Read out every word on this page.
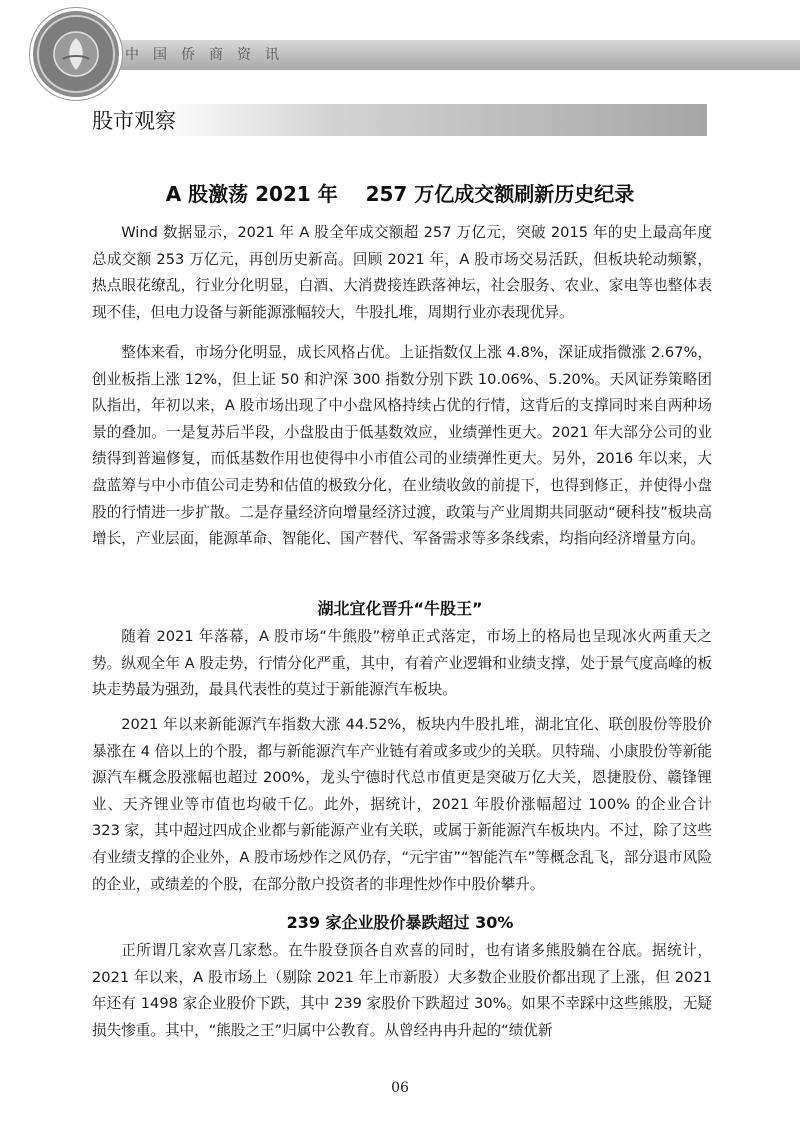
中国侨商资讯
股市观察
A 股激荡 2021 年    257 万亿成交额刷新历史纪录

Wind 数据显示，2021 年 A 股全年成交额超 257 万亿元，突破 2015 年的史上最高年度总成交额 253 万亿元，再创历史新高。回顾 2021 年，A 股市场交易活跃，但板块轮动频繁，热点眼花缭乱，行业分化明显，白酒、大消费接连跌落神坛，社会服务、农业、家电等也整体表现不佳，但电力设备与新能源涨幅较大，牛股扎堆，周期行业亦表现优异。

整体来看，市场分化明显，成长风格占优。上证指数仅上涨 4.8%，深证成指微涨 2.67%，创业板指上涨 12%，但上证 50 和沪深 300 指数分别下跌 10.06%、5.20%。天风证券策略团队指出，年初以来，A 股市场出现了中小盘风格持续占优的行情，这背后的支撑同时来自两种场景的叠加。一是复苏后半段，小盘股由于低基数效应，业绩弹性更大。2021 年大部分公司的业绩得到普遍修复，而低基数作用也使得中小市值公司的业绩弹性更大。另外，2016 年以来，大盘蓝筹与中小市值公司走势和估值的极致分化，在业绩收敛的前提下，也得到修正，并使得小盘股的行情进一步扩散。二是存量经济向增量经济过渡，政策与产业周期共同驱动“硬科技”板块高增长，产业层面，能源革命、智能化、国产替代、军备需求等多条线索，均指向经济增量方向。

湖北宜化晋升“牛股王”

随着 2021 年落幕，A 股市场“牛熊股”榜单正式落定，市场上的格局也呈现冰火两重天之势。纵观全年 A 股走势，行情分化严重，其中，有着产业逻辑和业绩支撑，处于景气度高峰的板块走势最为强劲，最具代表性的莫过于新能源汽车板块。

2021 年以来新能源汽车指数大涨 44.52%，板块内牛股扎堆，湖北宜化、联创股份等股价暴涨在 4 倍以上的个股，都与新能源汽车产业链有着或多或少的关联。贝特瑞、小康股份等新能源汽车概念股涨幅也超过 200%，龙头宁德时代总市值更是突破万亿大关，恩捷股份、赣锋锂业、天齐锂业等市值也均破千亿。此外，据统计，2021 年股价涨幅超过 100% 的企业合计 323 家，其中超过四成企业都与新能源产业有关联，或属于新能源汽车板块内。不过，除了这些有业绩支撑的企业外，A 股市场炒作之风仍存，“元宇宙”“智能汽车”等概念乱飞，部分退市风险的企业，或绩差的个股，在部分散户投资者的非理性炒作中股价攀升。

239 家企业股价暴跌超过 30%

正所谓几家欢喜几家愁。在牛股登顶各自欢喜的同时，也有诸多熊股躺在谷底。据统计，2021 年以来，A 股市场上（剔除 2021 年上市新股）大多数企业股价都出现了上涨，但 2021 年还有 1498 家企业股价下跌，其中 239 家股价下跌超过 30%。如果不幸踩中这些熊股，无疑损失惨重。其中，“熊股之王”归属中公教育。从曾经冉冉升起的“绩优新

06
